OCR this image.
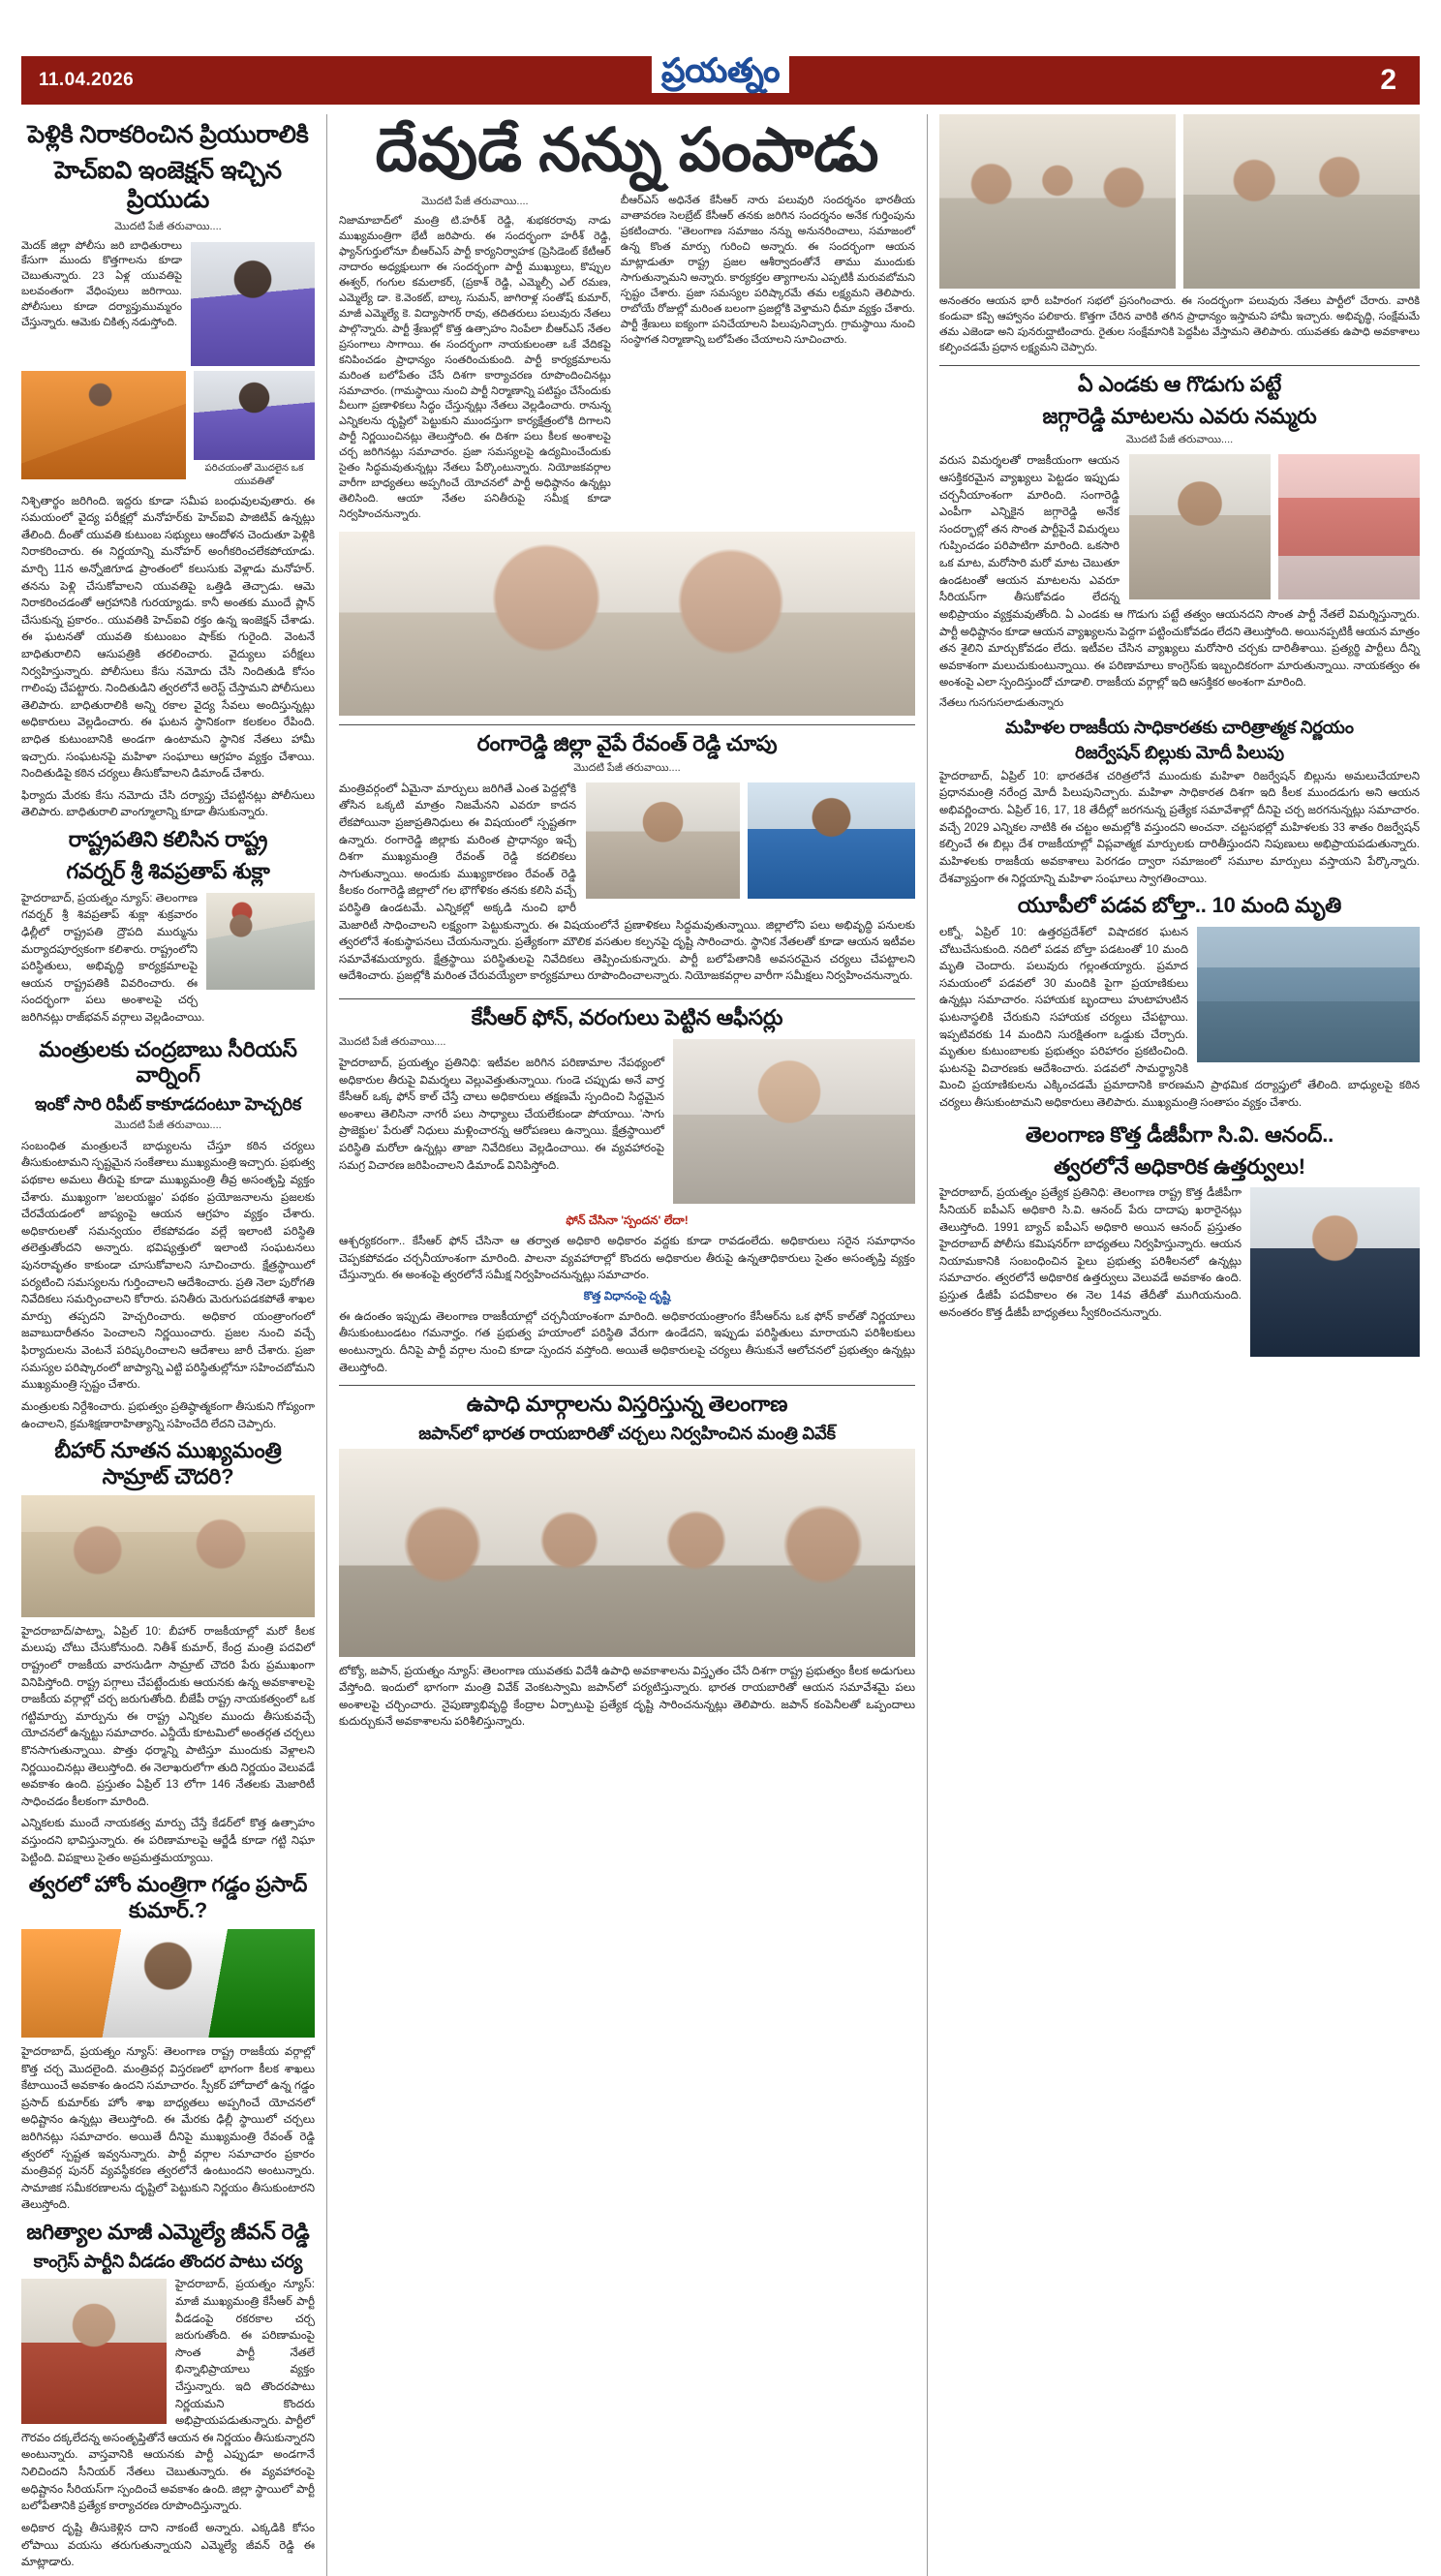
11.04.2026	ప్రయత్నం	2
పెళ్లికి నిరాకరించిన ప్రియురాలికి
హెచ్ఐవి ఇంజెక్షన్ ఇచ్చిన ప్రియుడు
మొదటి పేజీ తరువాయి....

మెదక్ జిల్లా పోలీసు జరి బాధితురాలు కేసుగా ముందు కొత్తగాలను కూడా చెబుతున్నారు. 23 ఏళ్ల యువతిపై బలవంతంగా వేధింపులు జరిగాయి. పోలీసులు కూడా దర్యాప్తుముమ్మరం చేస్తున్నారు. ఆమెకు చికిత్స నడుస్తోంది.

పరిచయంతో మొదలైన ఒక యువతితో

నిశ్చితార్థం జరిగింది. ఇద్దరు కూడా సమీప బంధువులవుతారు. ఈ సమయంలో వైద్య పరీక్షల్లో మనోహర్‌కు హెచ్ఐవి పాజిటివ్ ఉన్నట్లు తేలింది. దీంతో యువతి కుటుంబ సభ్యులు ఆందోళన చెందుతూ పెళ్లికి నిరాకరించారు. ఈ నిర్ణయాన్ని మనోహర్ అంగీకరించలేకపోయాడు. మార్చి 11న అన్నోజిగూడ ప్రాంతంలో కలుసుకు వెళ్లాడు మనోహర్. తనను పెళ్లి చేసుకోవాలని యువతిపై ఒత్తిడి తెచ్చాడు. ఆమె నిరాకరించడంతో ఆగ్రహానికి గురయ్యాడు. కానీ అంతకు ముందే ప్లాన్ చేసుకున్న ప్రకారం.. యువతికి హెచ్ఐవి రక్తం ఉన్న ఇంజెక్షన్ చేశాడు. ఈ ఘటనతో యువతి కుటుంబం షాక్‌కు గురైంది. వెంటనే బాధితురాలిని ఆసుపత్రికి తరలించారు. వైద్యులు పరీక్షలు నిర్వహిస్తున్నారు. పోలీసులు కేసు నమోదు చేసి నిందితుడి కోసం గాలింపు చేపట్టారు. నిందితుడిని త్వరలోనే అరెస్ట్ చేస్తామని పోలీసులు తెలిపారు. బాధితురాలికి అన్ని రకాల వైద్య సేవలు అందిస్తున్నట్లు అధికారులు వెల్లడించారు. ఈ ఘటన స్థానికంగా కలకలం రేపింది. బాధిత కుటుంబానికి అండగా ఉంటామని స్థానిక నేతలు హామీ ఇచ్చారు. సంఘటనపై మహిళా సంఘాలు ఆగ్రహం వ్యక్తం చేశాయి. నిందితుడిపై కఠిన చర్యలు తీసుకోవాలని డిమాండ్ చేశారు.

ఫిర్యాదు మేరకు కేసు నమోదు చేసి దర్యాప్తు చేపట్టినట్లు పోలీసులు తెలిపారు. బాధితురాలి వాంగ్మూలాన్ని కూడా తీసుకున్నారు.

రాష్ట్రపతిని కలిసిన రాష్ట్ర
గవర్నర్ శ్రీ శివప్రతాప్ శుక్లా

హైదరాబాద్, ప్రయత్నం న్యూస్: తెలంగాణ గవర్నర్ శ్రీ శివప్రతాప్ శుక్లా శుక్రవారం ఢిల్లీలో రాష్ట్రపతి ద్రౌపది ముర్మును మర్యాదపూర్వకంగా కలిశారు. రాష్ట్రంలోని పరిస్థితులు, అభివృద్ధి కార్యక్రమాలపై ఆయన రాష్ట్రపతికి వివరించారు. ఈ సందర్భంగా పలు అంశాలపై చర్చ జరిగినట్లు రాజ్‌భవన్ వర్గాలు వెల్లడించాయి.

మంత్రులకు చంద్రబాబు సీరియస్ వార్నింగ్
ఇంకో సారి రిపీట్ కాకూడదంటూ హెచ్చరిక
మొదటి పేజీ తరువాయి....

సంబంధిత మంత్రులనే బాధ్యులను చేస్తూ కఠిన చర్యలు తీసుకుంటామని స్పష్టమైన సంకేతాలు ముఖ్యమంత్రి ఇచ్చారు. ప్రభుత్వ పథకాల అమలు తీరుపై కూడా ముఖ్యమంత్రి తీవ్ర అసంతృప్తి వ్యక్తం చేశారు. ముఖ్యంగా 'జలయజ్ఞం' పథకం ప్రయోజనాలను ప్రజలకు చేరవేయడంలో జాప్యంపై ఆయన ఆగ్రహం వ్యక్తం చేశారు. అధికారులతో సమన్వయం లేకపోవడం వల్లే ఇలాంటి పరిస్థితి తలెత్తుతోందని అన్నారు. భవిష్యత్తులో ఇలాంటి సంఘటనలు పునరావృతం కాకుండా చూసుకోవాలని సూచించారు. క్షేత్రస్థాయిలో పర్యటించి సమస్యలను గుర్తించాలని ఆదేశించారు. ప్రతి నెలా పురోగతి నివేదికలు సమర్పించాలని కోరారు. పనితీరు మెరుగుపడకపోతే శాఖల మార్పు తప్పదని హెచ్చరించారు. అధికార యంత్రాంగంలో జవాబుదారీతనం పెంచాలని నిర్ణయించారు. ప్రజల నుంచి వచ్చే ఫిర్యాదులను వెంటనే పరిష్కరించాలని ఆదేశాలు జారీ చేశారు. ప్రజా సమస్యల పరిష్కారంలో జాప్యాన్ని ఎట్టి పరిస్థితుల్లోనూ సహించబోమని ముఖ్యమంత్రి స్పష్టం చేశారు.

మంత్రులకు నిర్దేశించారు. ప్రభుత్వం ప్రతిష్ఠాత్మకంగా తీసుకుని గోప్యంగా ఉంచాలని, క్రమశిక్షణారాహిత్యాన్ని సహించేది లేదని చెప్పారు.

బీహార్ నూతన ముఖ్యమంత్రి సామ్రాట్ చౌదరి?

హైదరాబాద్/పాట్నా, ఏప్రిల్ 10: బీహార్ రాజకీయాల్లో మరో కీలక మలుపు చోటు చేసుకోనుంది. నితీశ్ కుమార్, కేంద్ర మంత్రి పదవిలో రాష్ట్రంలో రాజకీయ వారసుడిగా సామ్రాట్ చౌదరి పేరు ప్రముఖంగా వినిపిస్తోంది. రాష్ట్ర పగ్గాలు చేపట్టేందుకు ఆయనకు ఉన్న అవకాశాలపై రాజకీయ వర్గాల్లో చర్చ జరుగుతోంది. బీజేపీ రాష్ట్ర నాయకత్వంలో ఒక గట్టిమార్పు మార్పును ఈ రాష్ట్ర ఎన్నికల ముందు తీసుకువచ్చే యోచనలో ఉన్నట్టు సమాచారం. ఎన్డీయే కూటమిలో అంతర్గత చర్చలు కొనసాగుతున్నాయి. పొత్తు ధర్మాన్ని పాటిస్తూ ముందుకు వెళ్లాలని నిర్ణయించినట్లు తెలుస్తోంది. ఈ నెలాఖరులోగా తుది నిర్ణయం వెలువడే అవకాశం ఉంది. ప్రస్తుతం ఏప్రిల్ 13 లోగా 146 నేతలకు మెజారిటీ సాధించడం కీలకంగా మారింది.

ఎన్నికలకు ముందే నాయకత్వ మార్పు చేస్తే కేడర్‌లో కొత్త ఉత్సాహం వస్తుందని భావిస్తున్నారు. ఈ పరిణామాలపై ఆర్జేడీ కూడా గట్టి నిఘా పెట్టింది. విపక్షాలు సైతం అప్రమత్తమయ్యాయి.

త్వరలో హోం మంత్రిగా గడ్డం ప్రసాద్ కుమార్.?

హైదరాబాద్, ప్రయత్నం న్యూస్: తెలంగాణ రాష్ట్ర రాజకీయ వర్గాల్లో కొత్త చర్చ మొదలైంది. మంత్రివర్గ విస్తరణలో భాగంగా కీలక శాఖలు కేటాయించే అవకాశం ఉందని సమాచారం. స్పీకర్ హోదాలో ఉన్న గడ్డం ప్రసాద్ కుమార్‌కు హోం శాఖ బాధ్యతలు అప్పగించే యోచనలో అధిష్టానం ఉన్నట్లు తెలుస్తోంది. ఈ మేరకు ఢిల్లీ స్థాయిలో చర్చలు జరిగినట్లు సమాచారం. అయితే దీనిపై ముఖ్యమంత్రి రేవంత్ రెడ్డి త్వరలో స్పష్టత ఇవ్వనున్నారు. పార్టీ వర్గాల సమాచారం ప్రకారం మంత్రివర్గ పునర్ వ్యవస్థీకరణ త్వరలోనే ఉంటుందని అంటున్నారు. సామాజిక సమీకరణాలను దృష్టిలో పెట్టుకుని నిర్ణయం తీసుకుంటారని తెలుస్తోంది.

జగిత్యాల మాజీ ఎమ్మెల్యే జీవన్ రెడ్డి
కాంగ్రెస్ పార్టీని వీడడం తొందర పాటు చర్య

హైదరాబాద్, ప్రయత్నం న్యూస్: మాజీ ముఖ్యమంత్రి కేసీఆర్ పార్టీ వీడడంపై రకరకాల చర్చ జరుగుతోంది. ఈ పరిణామంపై సొంత పార్టీ నేతలే భిన్నాభిప్రాయాలు వ్యక్తం చేస్తున్నారు. ఇది తొందరపాటు నిర్ణయమని కొందరు అభిప్రాయపడుతున్నారు. పార్టీలో గౌరవం దక్కలేదన్న అసంతృప్తితోనే ఆయన ఈ నిర్ణయం తీసుకున్నారని అంటున్నారు. వాస్తవానికి ఆయనకు పార్టీ ఎప్పుడూ అండగానే నిలిచిందని సీనియర్ నేతలు చెబుతున్నారు. ఈ వ్యవహారంపై అధిష్టానం సీరియస్‌గా స్పందించే అవకాశం ఉంది. జిల్లా స్థాయిలో పార్టీ బలోపేతానికి ప్రత్యేక కార్యాచరణ రూపొందిస్తున్నారు.

అధికార దృష్టి తీసుకెళ్లిన దాని నాకంటే అన్నారు. ఎక్కడికి కోసం లోపాయి వయసు తరుగుతున్నాయని ఎమ్మెల్యే జీవన్ రెడ్డి ఈ మాట్లాడారు.

దేవుడే నన్ను పంపాడు
మొదటి పేజీ తరువాయి....

నిజామాబాద్‌లో మంత్రి టి.హరీశ్ రెడ్డి, శుభకరరావు నాడు ముఖ్యమంత్రిగా భేటీ జరిపారు. ఈ సందర్భంగా హరీశ్ రెడ్డి, ఫ్యాన్‌గుర్తులోనూ బీఆర్ఎస్ పార్టీ కార్యనిర్వాహక (ప్రెసిడెంట్ కేటీఆర్ నాదారం అధ్యక్షులుగా ఈ సందర్భంగా పార్టీ ముఖ్యులు, కొప్పుల ఈశ్వర్, గంగుల కమలాకర్, (ప్రకాశ్ రెడ్డి, ఎమ్మెల్సీ ఎల్ రమణ, ఎమ్మెల్యే డా. కె.వెంకట్, బాల్క సుమన్, జాగిరాళ్ల సంతోష్ కుమార్, మాజీ ఎమ్మెల్యే కె. విద్యాసాగర్ రావు, తదితరులు పలువురు నేతలు పాల్గొన్నారు. పార్టీ శ్రేణుల్లో కొత్త ఉత్సాహం నింపేలా బీఆర్ఎస్ నేతల ప్రసంగాలు సాగాయి. ఈ సందర్భంగా నాయకులంతా ఒకే వేదికపై కనిపించడం ప్రాధాన్యం సంతరించుకుంది. పార్టీ కార్యక్రమాలను మరింత బలోపేతం చేసే దిశగా కార్యాచరణ రూపొందించినట్లు సమాచారం. (గామస్థాయి నుంచి పార్టీ నిర్మాణాన్ని పటిష్టం చేసేందుకు వీలుగా ప్రణాళికలు సిద్ధం చేస్తున్నట్లు నేతలు వెల్లడించారు. రానున్న ఎన్నికలను దృష్టిలో పెట్టుకుని ముందస్తుగా కార్యక్షేత్రంలోకి దిగాలని పార్టీ నిర్ణయించినట్లు తెలుస్తోంది. ఈ దిశగా పలు కీలక అంశాలపై చర్చ జరిగినట్లు సమాచారం. ప్రజా సమస్యలపై ఉద్యమించేందుకు సైతం సిద్ధమవుతున్నట్లు నేతలు పేర్కొంటున్నారు. నియోజకవర్గాల వారీగా బాధ్యతలు అప్పగించే యోచనలో పార్టీ అధిష్ఠానం ఉన్నట్లు తెలిసింది. ఆయా నేతల పనితీరుపై సమీక్ష కూడా నిర్వహించనున్నారు.

బీఆర్ఎస్ అధినేత కేసీఆర్ నారు పలువురి సందర్శనం భారతీయ వాతావరణ సెలబ్రేట్ కేసీఆర్ తనకు జరిగిన సందర్శనం అనేక గుర్తింపును ప్రకటించారు. "తెలంగాణ సమాజం నన్ను అనునరించాలు, సమాజంలో ఉన్న కొంత మార్పు గురించి అన్నారు. ఈ సందర్భంగా ఆయన మాట్లాడుతూ రాష్ట్ర ప్రజల ఆశీర్వాదంతోనే తాము ముందుకు సాగుతున్నామని అన్నారు. కార్యకర్తల త్యాగాలను ఎప్పటికీ మరువబోమని స్పష్టం చేశారు. ప్రజా సమస్యల పరిష్కారమే తమ లక్ష్యమని తెలిపారు. రాబోయే రోజుల్లో మరింత బలంగా ప్రజల్లోకి వెళ్తామని ధీమా వ్యక్తం చేశారు. పార్టీ శ్రేణులు ఐక్యంగా పనిచేయాలని పిలుపునిచ్చారు. గ్రామస్థాయి నుంచి సంస్థాగత నిర్మాణాన్ని బలోపేతం చేయాలని సూచించారు.

రంగారెడ్డి జిల్లా వైపే రేవంత్ రెడ్డి చూపు
మొదటి పేజీ తరువాయి....

మంత్రివర్గంలో ఏమైనా మార్పులు జరిగితే ఎంత పెద్దల్లోకి తోసిన ఒక్కటి మాత్రం నిజమేనని ఎవరూ కాదన లేకపోయినా ప్రజాప్రతినిధులు ఈ విషయంలో స్పష్టతగా ఉన్నారు. రంగారెడ్డి జిల్లాకు మరింత ప్రాధాన్యం ఇచ్చే దిశగా ముఖ్యమంత్రి రేవంత్ రెడ్డి కదలికలు సాగుతున్నాయి. అందుకు ముఖ్యకారణం రేవంత్ రెడ్డి కీలకం రంగారెడ్డి జిల్లాలో గల భౌగోళికం తనకు కలిసి వచ్చే పరిస్థితి ఉండటమే. ఎన్నికల్లో అక్కడి నుంచి భారీ మెజారిటీ సాధించాలని లక్ష్యంగా పెట్టుకున్నారు. ఈ విషయంలోనే ప్రణాళికలు సిద్ధమవుతున్నాయి. జిల్లాలోని పలు అభివృద్ధి పనులకు త్వరలోనే శంకుస్థాపనలు చేయనున్నారు. ప్రత్యేకంగా మౌలిక వసతుల కల్పనపై దృష్టి సారించారు. స్థానిక నేతలతో కూడా ఆయన ఇటీవల సమావేశమయ్యారు. క్షేత్రస్థాయి పరిస్థితులపై నివేదికలు తెప్పించుకున్నారు. పార్టీ బలోపేతానికి అవసరమైన చర్యలు చేపట్టాలని ఆదేశించారు. ప్రజల్లోకి మరింత చేరువయ్యేలా కార్యక్రమాలు రూపొందించాలన్నారు. నియోజకవర్గాల వారీగా సమీక్షలు నిర్వహించనున్నారు.

కేసీఆర్ ఫోన్, వరంగులు పెట్టిన ఆఫీసర్లు
మొదటి పేజీ తరువాయి....

హైదరాబాద్, ప్రయత్నం ప్రతినిధి: ఇటీవల జరిగిన పరిణామాల నేపథ్యంలో అధికారుల తీరుపై విమర్శలు వెల్లువెత్తుతున్నాయి. గుండె చప్పుడు అనే వార్త కేసీఆర్ ఒక్క ఫోన్ కాల్ చేస్తే చాలు అధికారులు తక్షణమే స్పందించి సిద్ధమైన అంశాలు తెలిసినా నాగరీ పలు సాధ్యాలు చేయలేకుండా పోయాయి. 'సాగు ప్రాజెక్టుల' పేరుతో నిధులు మళ్లించారన్న ఆరోపణలు ఉన్నాయి. క్షేత్రస్థాయిలో పరిస్థితి మరోలా ఉన్నట్లు తాజా నివేదికలు వెల్లడించాయి. ఈ వ్యవహారంపై సమగ్ర విచారణ జరిపించాలని డిమాండ్ వినిపిస్తోంది.

ఫోన్ చేసినా 'స్పందన' లేదా!

ఆశ్చర్యకరంగా.. కేసీఆర్ ఫోన్ చేసినా ఆ తర్వాత అధికారి అధికారం వద్దకు కూడా రావడంలేదు. అధికారులు సరైన సమాధానం చెప్పకపోవడం చర్చనీయాంశంగా మారింది. పాలనా వ్యవహారాల్లో కొందరు అధికారుల తీరుపై ఉన్నతాధికారులు సైతం అసంతృప్తి వ్యక్తం చేస్తున్నారు. ఈ అంశంపై త్వరలోనే సమీక్ష నిర్వహించనున్నట్లు సమాచారం.

కొత్త విధానంపై దృష్టి

ఈ ఉదంతం ఇప్పుడు తెలంగాణ రాజకీయాల్లో చర్చనీయాంశంగా మారింది. అధికారయంత్రాంగం కేసీఆర్‌ను ఒక ఫోన్ కాల్‌తో నిర్ణయాలు తీసుకుంటుండటం గమనార్హం. గత ప్రభుత్వ హయాంలో పరిస్థితి వేరుగా ఉండేదని, ఇప్పుడు పరిస్థితులు మారాయని పరిశీలకులు అంటున్నారు. దీనిపై పార్టీ వర్గాల నుంచి కూడా స్పందన వస్తోంది. అయితే అధికారులపై చర్యలు తీసుకునే ఆలోచనలో ప్రభుత్వం ఉన్నట్లు తెలుస్తోంది.

ఉపాధి మార్గాలను విస్తరిస్తున్న తెలంగాణ
జపాన్‌లో భారత రాయబారితో చర్చలు నిర్వహించిన మంత్రి వివేక్

టోక్యో, జపాన్, ప్రయత్నం న్యూస్: తెలంగాణ యువతకు విదేశీ ఉపాధి అవకాశాలను విస్తృతం చేసే దిశగా రాష్ట్ర ప్రభుత్వం కీలక అడుగులు వేస్తోంది. ఇందులో భాగంగా మంత్రి వివేక్ వెంకటస్వామి జపాన్‌లో పర్యటిస్తున్నారు. భారత రాయబారితో ఆయన సమావేశమై పలు అంశాలపై చర్చించారు. నైపుణ్యాభివృద్ధి కేంద్రాల ఏర్పాటుపై ప్రత్యేక దృష్టి సారించనున్నట్లు తెలిపారు. జపాన్ కంపెనీలతో ఒప్పందాలు కుదుర్చుకునే అవకాశాలను పరిశీలిస్తున్నారు.

అనంతరం ఆయన భారీ బహిరంగ సభలో ప్రసంగించారు. ఈ సందర్భంగా పలువురు నేతలు పార్టీలో చేరారు. వారికి కండువా కప్పి ఆహ్వానం పలికారు. కొత్తగా చేరిన వారికి తగిన ప్రాధాన్యం ఇస్తామని హామీ ఇచ్చారు. అభివృద్ధి, సంక్షేమమే తమ ఎజెండా అని పునరుద్ఘాటించారు. రైతుల సంక్షేమానికి పెద్దపీట వేస్తామని తెలిపారు. యువతకు ఉపాధి అవకాశాలు కల్పించడమే ప్రధాన లక్ష్యమని చెప్పారు.

ఏ ఎండకు ఆ గొడుగు పట్టే
జగ్గారెడ్డి మాటలను ఎవరు నమ్మరు
మొదటి పేజీ తరువాయి....

వరుస విమర్శలతో రాజకీయంగా ఆయన ఆసక్తికరమైన వ్యాఖ్యలు పెట్టడం ఇప్పుడు చర్చనీయాంశంగా మారింది. సంగారెడ్డి ఎంపీగా ఎన్నికైన జగ్గారెడ్డి అనేక సందర్భాల్లో తన సొంత పార్టీపైనే విమర్శలు గుప్పించడం పరిపాటిగా మారింది. ఒకసారి ఒక మాట, మరోసారి మరో మాట చెబుతూ ఉండటంతో ఆయన మాటలను ఎవరూ సీరియస్‌గా తీసుకోవడం లేదన్న అభిప్రాయం వ్యక్తమవుతోంది. ఏ ఎండకు ఆ గొడుగు పట్టే తత్వం ఆయనదని సొంత పార్టీ నేతలే విమర్శిస్తున్నారు. పార్టీ అధిష్టానం కూడా ఆయన వ్యాఖ్యలను పెద్దగా పట్టించుకోవడం లేదని తెలుస్తోంది. అయినప్పటికీ ఆయన మాత్రం తన శైలిని మార్చుకోవడం లేదు. ఇటీవల చేసిన వ్యాఖ్యలు మరోసారి చర్చకు దారితీశాయి. ప్రత్యర్థి పార్టీలు దీన్ని అవకాశంగా మలుచుకుంటున్నాయి. ఈ పరిణామాలు కాంగ్రెస్‌కు ఇబ్బందికరంగా మారుతున్నాయి. నాయకత్వం ఈ అంశంపై ఎలా స్పందిస్తుందో చూడాలి. రాజకీయ వర్గాల్లో ఇది ఆసక్తికర అంశంగా మారింది.

నేతలు గుసగుసలాడుతున్నారు

మహిళల రాజకీయ సాధికారతకు చారిత్రాత్మక నిర్ణయం
రిజర్వేషన్ బిల్లుకు మోదీ పిలుపు

హైదరాబాద్, ఏప్రిల్ 10: భారతదేశ చరిత్రలోనే ముందుకు మహిళా రిజర్వేషన్ బిల్లును అమలుచేయాలని ప్రధానమంత్రి నరేంద్ర మోదీ పిలుపునిచ్చారు. మహిళా సాధికారత దిశగా ఇది కీలక ముందడుగు అని ఆయన అభివర్ణించారు. ఏప్రిల్ 16, 17, 18 తేదీల్లో జరగనున్న ప్రత్యేక సమావేశాల్లో దీనిపై చర్చ జరగనున్నట్లు సమాచారం. వచ్చే 2029 ఎన్నికల నాటికి ఈ చట్టం అమల్లోకి వస్తుందని అంచనా. చట్టసభల్లో మహిళలకు 33 శాతం రిజర్వేషన్ కల్పించే ఈ బిల్లు దేశ రాజకీయాల్లో విప్లవాత్మక మార్పులకు దారితీస్తుందని నిపుణులు అభిప్రాయపడుతున్నారు. మహిళలకు రాజకీయ అవకాశాలు పెరగడం ద్వారా సమాజంలో సమూల మార్పులు వస్తాయని పేర్కొన్నారు. దేశవ్యాప్తంగా ఈ నిర్ణయాన్ని మహిళా సంఘాలు స్వాగతించాయి.

యూపీలో పడవ బోల్తా.. 10 మంది మృతి

లక్నో, ఏప్రిల్ 10: ఉత్తరప్రదేశ్‌లో విషాదకర ఘటన చోటుచేసుకుంది. నదిలో పడవ బోల్తా పడటంతో 10 మంది మృతి చెందారు. పలువురు గల్లంతయ్యారు. ప్రమాద సమయంలో పడవలో 30 మందికి పైగా ప్రయాణికులు ఉన్నట్లు సమాచారం. సహాయక బృందాలు హుటాహుటిన ఘటనాస్థలికి చేరుకుని సహాయక చర్యలు చేపట్టాయి. ఇప్పటివరకు 14 మందిని సురక్షితంగా ఒడ్డుకు చేర్చారు. మృతుల కుటుంబాలకు ప్రభుత్వం పరిహారం ప్రకటించింది. ఘటనపై విచారణకు ఆదేశించారు. పడవలో సామర్థ్యానికి మించి ప్రయాణికులను ఎక్కించడమే ప్రమాదానికి కారణమని ప్రాథమిక దర్యాప్తులో తేలింది. బాధ్యులపై కఠిన చర్యలు తీసుకుంటామని అధికారులు తెలిపారు. ముఖ్యమంత్రి సంతాపం వ్యక్తం చేశారు.

తెలంగాణ కొత్త డీజీపీగా సి.వి. ఆనంద్..
త్వరలోనే అధికారిక ఉత్తర్వులు!

హైదరాబాద్, ప్రయత్నం ప్రత్యేక ప్రతినిధి: తెలంగాణ రాష్ట్ర కొత్త డీజీపీగా సీనియర్ ఐపీఎస్ అధికారి సి.వి. ఆనంద్ పేరు దాదాపు ఖరారైనట్లు తెలుస్తోంది. 1991 బ్యాచ్ ఐపీఎస్ అధికారి అయిన ఆనంద్ ప్రస్తుతం హైదరాబాద్ పోలీసు కమిషనర్‌గా బాధ్యతలు నిర్వహిస్తున్నారు. ఆయన నియామకానికి సంబంధించిన ఫైలు ప్రభుత్వ పరిశీలనలో ఉన్నట్లు సమాచారం. త్వరలోనే అధికారిక ఉత్తర్వులు వెలువడే అవకాశం ఉంది. ప్రస్తుత డీజీపీ పదవీకాలం ఈ నెల 14వ తేదీతో ముగియనుంది. అనంతరం కొత్త డీజీపీ బాధ్యతలు స్వీకరించనున్నారు.
